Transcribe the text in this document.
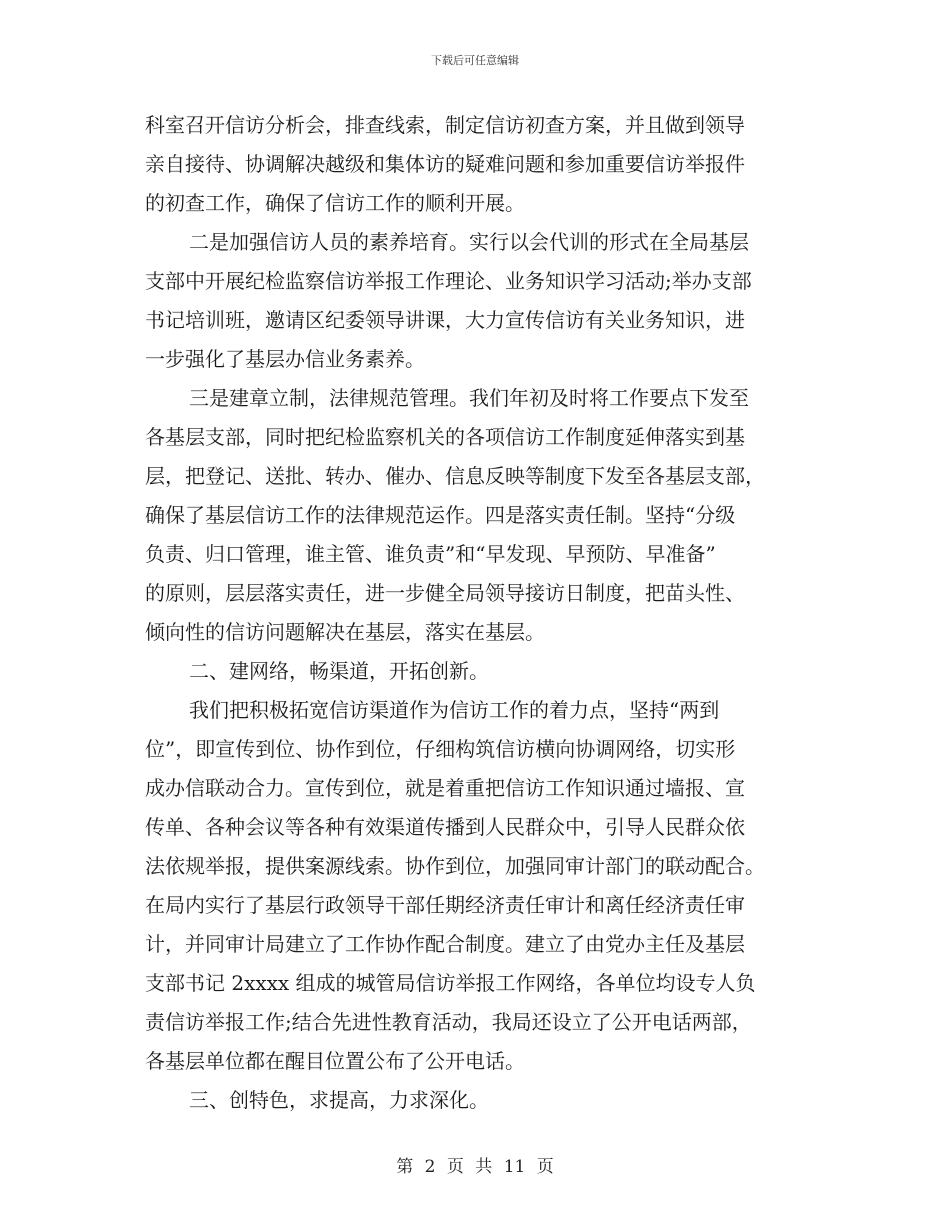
下载后可任意编辑
科室召开信访分析会，排查线索，制定信访初查方案，并且做到领导
亲自接待、协调解决越级和集体访的疑难问题和参加重要信访举报件
的初查工作，确保了信访工作的顺利开展。
二是加强信访人员的素养培育。实行以会代训的形式在全局基层
支部中开展纪检监察信访举报工作理论、业务知识学习活动;举办支部
书记培训班，邀请区纪委领导讲课，大力宣传信访有关业务知识，进
一步强化了基层办信业务素养。
三是建章立制，法律规范管理。我们年初及时将工作要点下发至
各基层支部，同时把纪检监察机关的各项信访工作制度延伸落实到基
层，把登记、送批、转办、催办、信息反映等制度下发至各基层支部，
确保了基层信访工作的法律规范运作。四是落实责任制。坚持“分级
负责、归口管理，谁主管、谁负责”和“早发现、早预防、早准备”
的原则，层层落实责任，进一步健全局领导接访日制度，把苗头性、
倾向性的信访问题解决在基层，落实在基层。
二、建网络，畅渠道，开拓创新。
我们把积极拓宽信访渠道作为信访工作的着力点，坚持“两到
位”，即宣传到位、协作到位，仔细构筑信访横向协调网络，切实形
成办信联动合力。宣传到位，就是着重把信访工作知识通过墙报、宣
传单、各种会议等各种有效渠道传播到人民群众中，引导人民群众依
法依规举报，提供案源线索。协作到位，加强同审计部门的联动配合。
在局内实行了基层行政领导干部任期经济责任审计和离任经济责任审
计，并同审计局建立了工作协作配合制度。建立了由党办主任及基层
支部书记 2xxxx 组成的城管局信访举报工作网络，各单位均设专人负
责信访举报工作;结合先进性教育活动，我局还设立了公开电话两部，
各基层单位都在醒目位置公布了公开电话。
三、创特色，求提高，力求深化。
第 2 页 共 11 页
